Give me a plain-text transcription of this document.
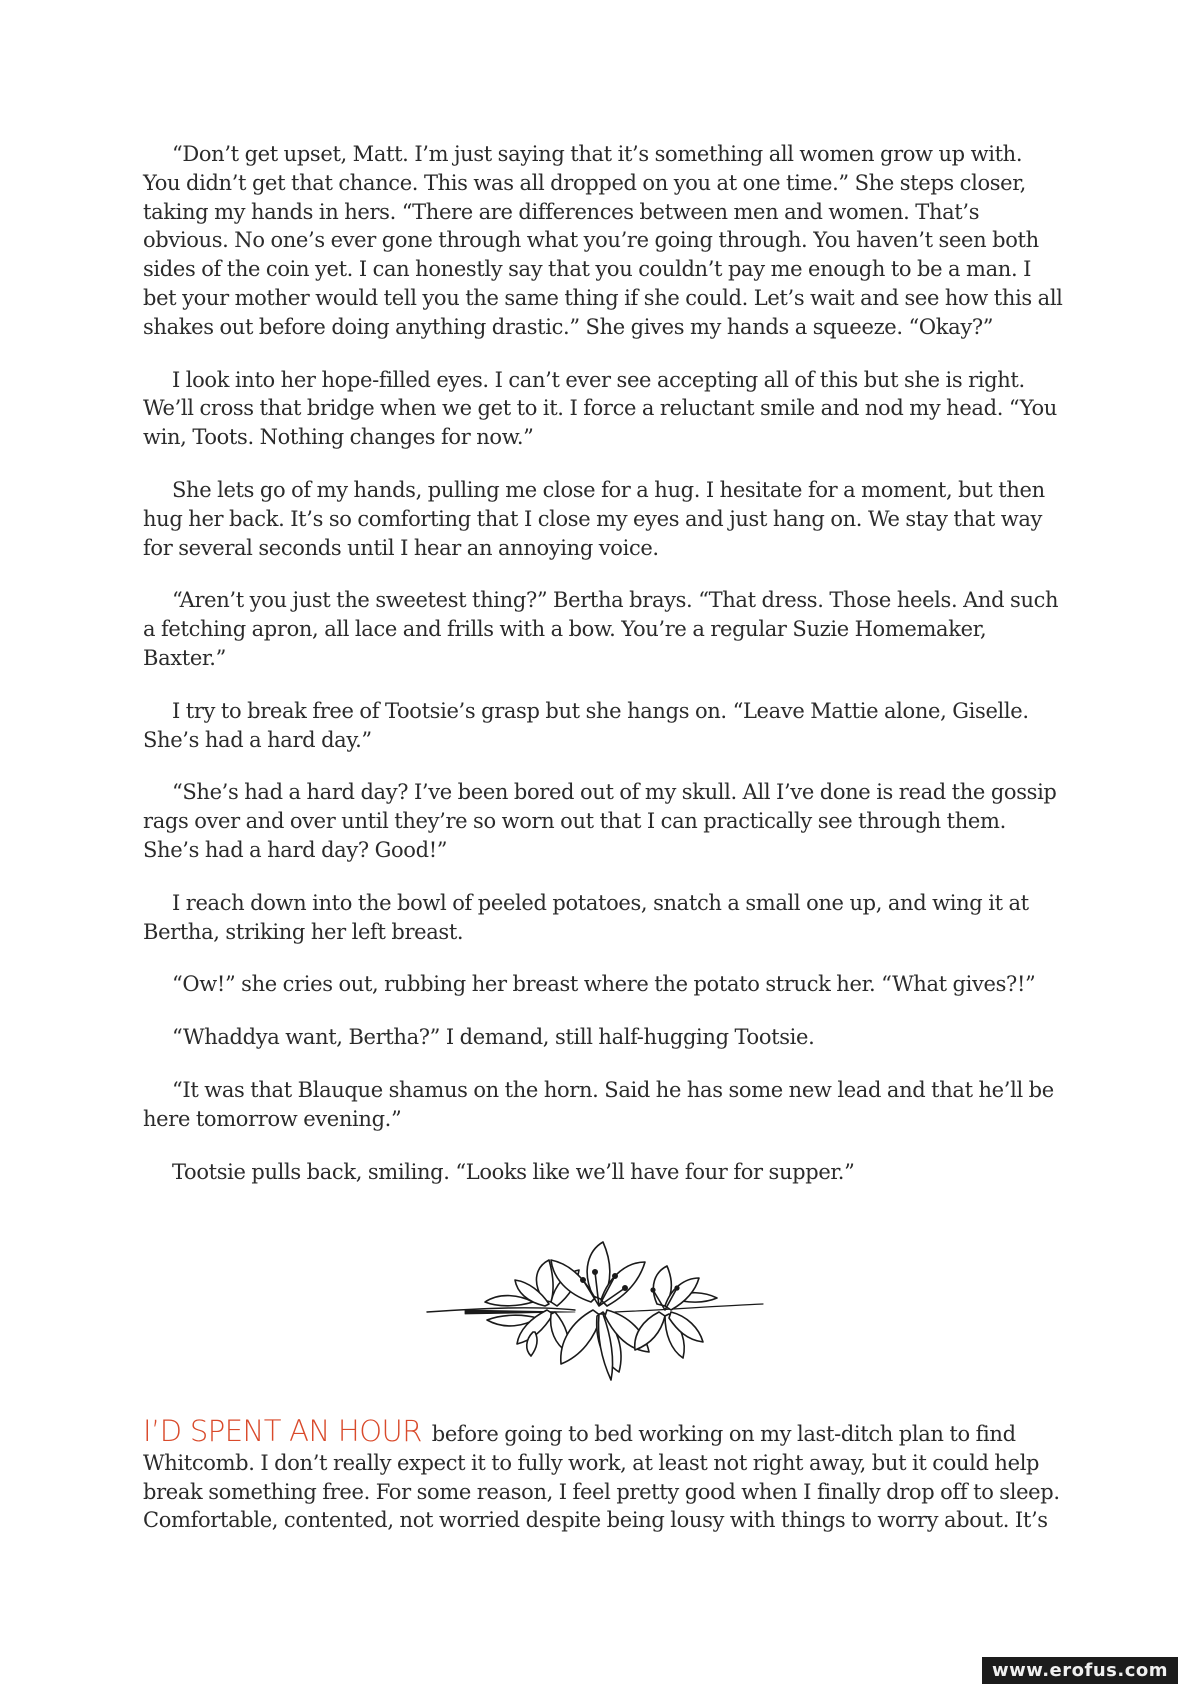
“Don’t get upset, Matt. I’m just saying that it’s something all women grow up with. You didn’t get that chance. This was all dropped on you at one time.” She steps closer, taking my hands in hers. “There are differences between men and women. That’s obvious. No one’s ever gone through what you’re going through. You haven’t seen both sides of the coin yet. I can honestly say that you couldn’t pay me enough to be a man. I bet your mother would tell you the same thing if she could. Let’s wait and see how this all shakes out before doing anything drastic.” She gives my hands a squeeze. “Okay?”

I look into her hope-filled eyes. I can’t ever see accepting all of this but she is right. We’ll cross that bridge when we get to it. I force a reluctant smile and nod my head. “You win, Toots. Nothing changes for now.”

She lets go of my hands, pulling me close for a hug. I hesitate for a moment, but then hug her back. It’s so comforting that I close my eyes and just hang on. We stay that way for several seconds until I hear an annoying voice.

“Aren’t you just the sweetest thing?” Bertha brays. “That dress. Those heels. And such a fetching apron, all lace and frills with a bow. You’re a regular Suzie Homemaker, Baxter.”

I try to break free of Tootsie’s grasp but she hangs on. “Leave Mattie alone, Giselle. She’s had a hard day.”

“She’s had a hard day? I’ve been bored out of my skull. All I’ve done is read the gossip rags over and over until they’re so worn out that I can practically see through them. She’s had a hard day? Good!”

I reach down into the bowl of peeled potatoes, snatch a small one up, and wing it at Bertha, striking her left breast.

“Ow!” she cries out, rubbing her breast where the potato struck her. “What gives?!”

“Whaddya want, Bertha?” I demand, still half-hugging Tootsie.

“It was that Blauque shamus on the horn. Said he has some new lead and that he’ll be here tomorrow evening.”

Tootsie pulls back, smiling. “Looks like we’ll have four for supper.”

I’D SPENT AN HOUR before going to bed working on my last-ditch plan to find Whitcomb. I don’t really expect it to fully work, at least not right away, but it could help break something free. For some reason, I feel pretty good when I finally drop off to sleep. Comfortable, contented, not worried despite being lousy with things to worry about. It’s

www.erofus.com
